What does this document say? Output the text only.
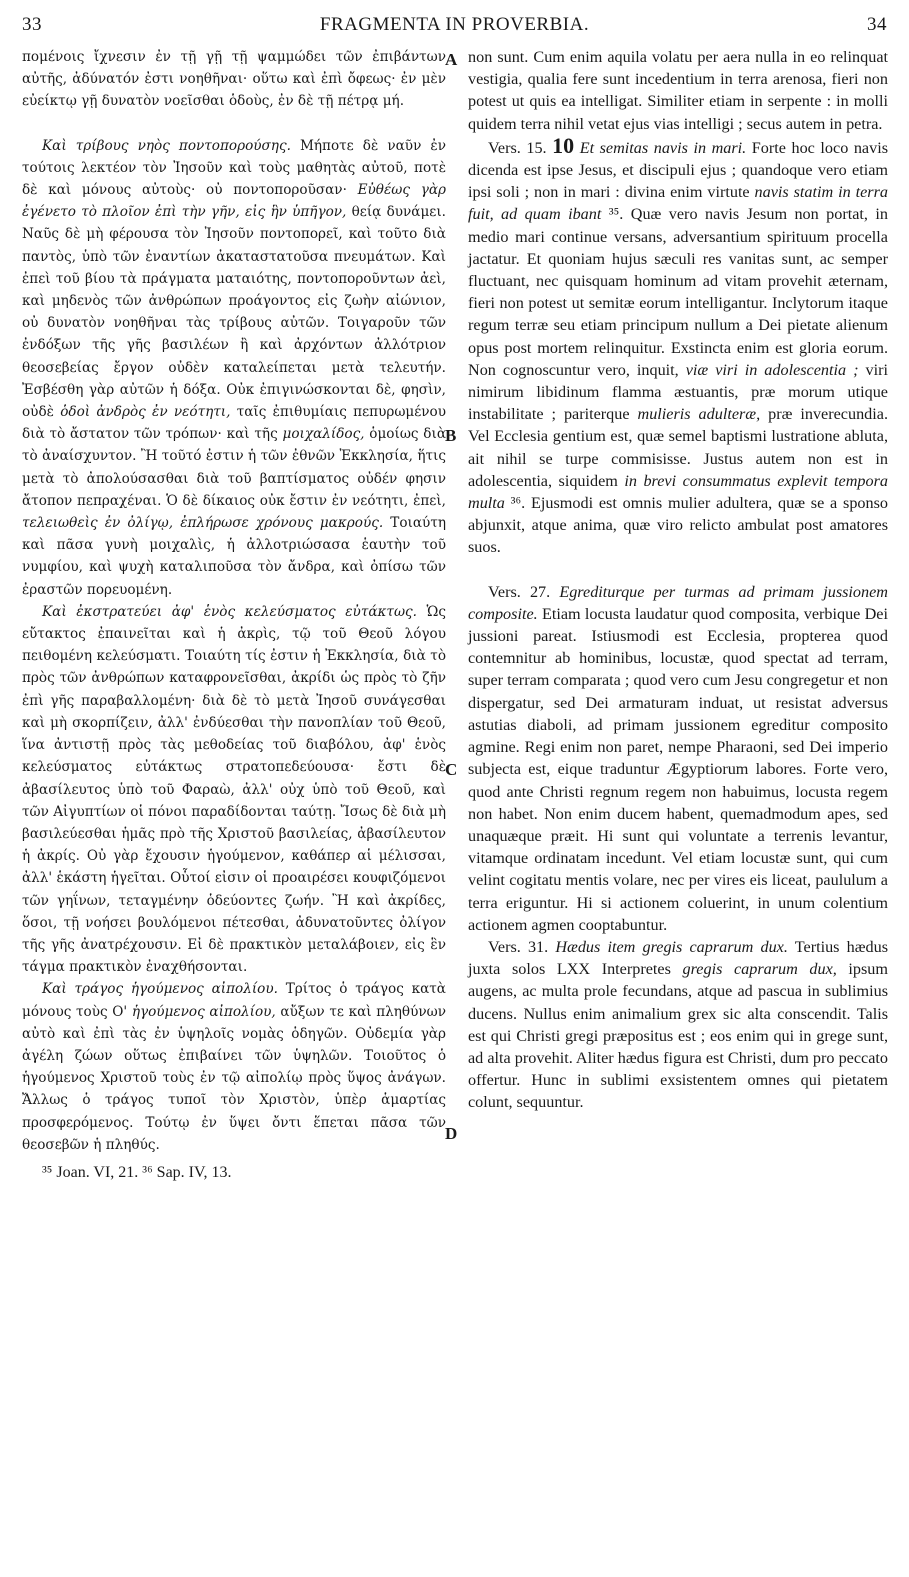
33	FRAGMENTA IN PROVERBIA.	34
A
B
C
D

πομένοις ἴχνεσιν ἐν τῇ γῇ τῇ ψαμμώδει τῶν ἐπιβάντων αὐτῆς, ἀδύνατόν ἐστι νοηθῆναι· οὕτω καὶ ἐπὶ ὄφεως· ἐν μὲν εὐείκτῳ γῇ δυνατὸν νοεῖσθαι ὁδοὺς, ἐν δὲ τῇ πέτρᾳ μή.

Καὶ τρίβους νηὸς ποντοπορούσης. Μήποτε δὲ ναῦν ἐν τούτοις λεκτέον τὸν Ἰησοῦν καὶ τοὺς μαθητὰς αὐτοῦ, ποτὲ δὲ καὶ μόνους αὐτοὺς· οὐ ποντοποροῦσαν· Εὐθέως γὰρ ἐγένετο τὸ πλοῖον ἐπὶ τὴν γῆν, εἰς ἣν ὑπῆγον, θείᾳ δυνάμει. Ναῦς δὲ μὴ φέρουσα τὸν Ἰησοῦν ποντοπορεῖ, καὶ τοῦτο διὰ παντὸς, ὑπὸ τῶν ἐναντίων ἀκαταστατοῦσα πνευμάτων. Καὶ ἐπεὶ τοῦ βίου τὰ πράγματα ματαιότης, ποντοποροῦντων ἀεὶ, καὶ μηδενὸς τῶν ἀνθρώπων προάγοντος εἰς ζωὴν αἰώνιον, οὐ δυνατὸν νοηθῆναι τὰς τρίβους αὐτῶν. Τοιγαροῦν τῶν ἐνδόξων τῆς γῆς βασιλέων ἢ καὶ ἀρχόντων ἀλλότριον θεοσεβείας ἔργον οὐδὲν καταλείπεται μετὰ τελευτήν. Ἐσβέσθη γὰρ αὐτῶν ἡ δόξα. Οὐκ ἐπιγινώσκονται δὲ, φησὶν, οὐδὲ ὁδοὶ ἀνδρὸς ἐν νεότητι, ταῖς ἐπιθυμίαις πεπυρωμένου διὰ τὸ ἄστατον τῶν τρόπων· καὶ τῆς μοιχαλίδος, ὁμοίως διὰ τὸ ἀναίσχυντον. Ἢ τοῦτό ἐστιν ἡ τῶν ἐθνῶν Ἐκκλησία, ἥτις μετὰ τὸ ἀπολούσασθαι διὰ τοῦ βαπτίσματος οὐδέν φησιν ἄτοπον πεπραχέναι. Ὁ δὲ δίκαιος οὐκ ἔστιν ἐν νεότητι, ἐπεὶ, τελειωθεὶς ἐν ὀλίγῳ, ἐπλήρωσε χρόνους μακρούς. Τοιαύτη καὶ πᾶσα γυνὴ μοιχαλὶς, ἡ ἀλλοτριώσασα ἑαυτὴν τοῦ νυμφίου, καὶ ψυχὴ καταλιποῦσα τὸν ἄνδρα, καὶ ὀπίσω τῶν ἐραστῶν πορευομένη.

Καὶ ἐκστρατεύει ἀφ' ἑνὸς κελεύσματος εὐτάκτως. Ὡς εὔτακτος ἐπαινεῖται καὶ ἡ ἀκρὶς, τῷ τοῦ Θεοῦ λόγου πειθομένη κελεύσματι. Τοιαύτη τίς ἐστιν ἡ Ἐκκλησία, διὰ τὸ πρὸς τῶν ἀνθρώπων καταφρονεῖσθαι, ἀκρίδι ὡς πρὸς τὸ ζῆν ἐπὶ γῆς παραβαλλομένη· διὰ δὲ τὸ μετὰ Ἰησοῦ συνάγεσθαι καὶ μὴ σκορπίζειν, ἀλλ' ἐνδύεσθαι τὴν πανοπλίαν τοῦ Θεοῦ, ἵνα ἀντιστῇ πρὸς τὰς μεθοδείας τοῦ διαβόλου, ἀφ' ἑνὸς κελεύσματος εὐτάκτως στρατοπεδεύουσα· ἔστι δὲ ἀβασίλευτος ὑπὸ τοῦ Φαραὼ, ἀλλ' οὐχ ὑπὸ τοῦ Θεοῦ, καὶ τῶν Αἰγυπτίων οἱ πόνοι παραδίδονται ταύτῃ. Ἴσως δὲ διὰ μὴ βασιλεύεσθαι ἡμᾶς πρὸ τῆς Χριστοῦ βασιλείας, ἀβασίλευτον ἡ ἀκρίς. Οὐ γὰρ ἔχουσιν ἡγούμενον, καθάπερ αἱ μέλισσαι, ἀλλ' ἑκάστη ἡγεῖται. Οὗτοί εἰσιν οἱ προαιρέσει κουφιζόμενοι τῶν γηΐνων, τεταγμένην ὁδεύοντες ζωήν. Ἢ καὶ ἀκρίδες, ὅσοι, τῇ νοήσει βουλόμενοι πέτεσθαι, ἀδυνατοῦντες ὀλίγον τῆς γῆς ἀνατρέχουσιν. Εἰ δὲ πρακτικὸν μεταλάβοιεν, εἰς ἓν τάγμα πρακτικὸν ἐναχθήσονται.

Καὶ τράγος ἡγούμενος αἰπολίου. Τρίτος ὁ τράγος κατὰ μόνους τοὺς Ο' ἡγούμενος αἰπολίου, αὔξων τε καὶ πληθύνων αὐτὸ καὶ ἐπὶ τὰς ἐν ὑψηλοῖς νομὰς ὁδηγῶν. Οὐδεμία γὰρ ἀγέλη ζώων οὕτως ἐπιβαίνει τῶν ὑψηλῶν. Τοιοῦτος ὁ ἡγούμενος Χριστοῦ τοὺς ἐν τῷ αἰπολίῳ πρὸς ὕψος ἀνάγων. Ἄλλως ὁ τράγος τυποῖ τὸν Χριστὸν, ὑπὲρ ἁμαρτίας προσφερόμενος. Τούτῳ ἐν ὕψει ὄντι ἕπεται πᾶσα τῶν θεοσεβῶν ἡ πληθύς.

³⁵ Joan. VI, 21. ³⁶ Sap. IV, 13.

non sunt. Cum enim aquila volatu per aera nulla in eo relinquat vestigia, qualia fere sunt incedentium in terra arenosa, fieri non potest ut quis ea intelligat. Similiter etiam in serpente : in molli quidem terra nihil vetat ejus vias intelligi ; secus autem in petra.

Vers. 15. 10 Et semitas navis in mari. Forte hoc loco navis dicenda est ipse Jesus, et discipuli ejus ; quandoque vero etiam ipsi soli ; non in mari : divina enim virtute navis statim in terra fuit, ad quam ibant ³⁵. Quæ vero navis Jesum non portat, in medio mari continue versans, adversantium spirituum procella jactatur. Et quoniam hujus sæculi res vanitas sunt, ac semper fluctuant, nec quisquam hominum ad vitam provehit æternam, fieri non potest ut semitæ eorum intelligantur. Inclytorum itaque regum terræ seu etiam principum nullum a Dei pietate alienum opus post mortem relinquitur. Exstincta enim est gloria eorum. Non cognoscuntur vero, inquit, viæ viri in adolescentia ; viri nimirum libidinum flamma æstuantis, præ morum utique instabilitate ; pariterque mulieris adulteræ, præ inverecundia. Vel Ecclesia gentium est, quæ semel baptismi lustratione abluta, ait nihil se turpe commisisse. Justus autem non est in adolescentia, siquidem in brevi consummatus explevit tempora multa ³⁶. Ejusmodi est omnis mulier adultera, quæ se a sponso abjunxit, atque anima, quæ viro relicto ambulat post amatores suos.

Vers. 27. Egrediturque per turmas ad primam jussionem composite. Etiam locusta laudatur quod composita, verbique Dei jussioni pareat. Istiusmodi est Ecclesia, propterea quod contemnitur ab hominibus, locustæ, quod spectat ad terram, super terram comparata ; quod vero cum Jesu congregetur et non dispergatur, sed Dei armaturam induat, ut resistat adversus astutias diaboli, ad primam jussionem egreditur composito agmine. Regi enim non paret, nempe Pharaoni, sed Dei imperio subjecta est, eique traduntur Ægyptiorum labores. Forte vero, quod ante Christi regnum regem non habuimus, locusta regem non habet. Non enim ducem habent, quemadmodum apes, sed unaquæque præit. Hi sunt qui voluntate a terrenis levantur, vitamque ordinatam incedunt. Vel etiam locustæ sunt, qui cum velint cogitatu mentis volare, nec per vires eis liceat, paululum a terra eriguntur. Hi si actionem coluerint, in unum colentium actionem agmen cooptabuntur.

Vers. 31. Hædus item gregis caprarum dux. Tertius hædus juxta solos LXX Interpretes gregis caprarum dux, ipsum augens, ac multa prole fecundans, atque ad pascua in sublimius ducens. Nullus enim animalium grex sic alta conscendit. Talis est qui Christi gregi præpositus est ; eos enim qui in grege sunt, ad alta provehit. Aliter hædus figura est Christi, dum pro peccato offertur. Hunc in sublimi exsistentem omnes qui pietatem colunt, sequuntur.
